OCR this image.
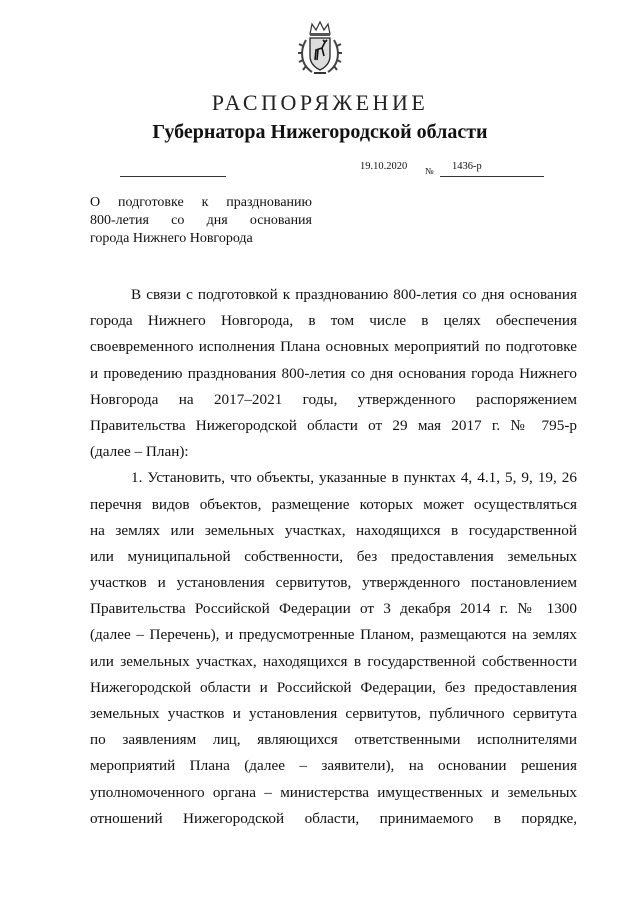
РАСПОРЯЖЕНИЕ
Губернатора Нижегородской области
19.10.2020 № 1436-р
О подготовке к празднованию
800-летия со дня основания
города Нижнего Новгорода
В связи с подготовкой к празднованию 800-летия со дня основания
города Нижнего Новгорода, в том числе в целях обеспечения
своевременного исполнения Плана основных мероприятий по подготовке
и проведению празднования 800-летия со дня основания города Нижнего
Новгорода на 2017–2021 годы, утвержденного распоряжением
Правительства Нижегородской области от 29 мая 2017 г. № 795-р
(далее – План):
1. Установить, что объекты, указанные в пунктах 4, 4.1, 5, 9, 19, 26
перечня видов объектов, размещение которых может осуществляться
на землях или земельных участках, находящихся в государственной
или муниципальной собственности, без предоставления земельных
участков и установления сервитутов, утвержденного постановлением
Правительства Российской Федерации от 3 декабря 2014 г. № 1300
(далее – Перечень), и предусмотренные Планом, размещаются на землях
или земельных участках, находящихся в государственной собственности
Нижегородской области и Российской Федерации, без предоставления
земельных участков и установления сервитутов, публичного сервитута
по заявлениям лиц, являющихся ответственными исполнителями
мероприятий Плана (далее – заявители), на основании решения
уполномоченного органа – министерства имущественных и земельных
отношений Нижегородской области, принимаемого в порядке,
